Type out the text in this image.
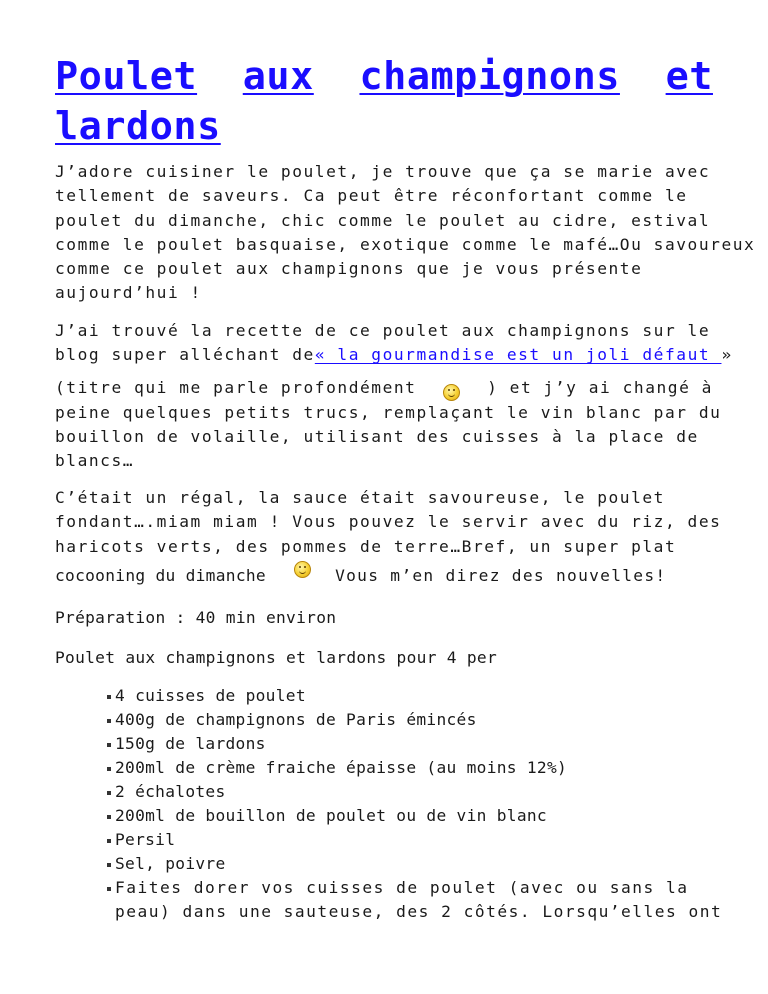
Poulet aux champignons et
lardons
J’adore cuisiner le poulet, je trouve que ça se marie avec
tellement de saveurs. Ca peut être réconfortant comme le
poulet du dimanche, chic comme le poulet au cidre, estival
comme le poulet basquaise, exotique comme le mafé…Ou savoureux
comme ce poulet aux champignons que je vous présente
aujourd’hui !
J’ai trouvé la recette de ce poulet aux champignons sur le
blog super alléchant de « la gourmandise est un joli défaut »
(titre qui me parle profondément	) et j’y ai changé à
peine quelques petits trucs, remplaçant le vin blanc par du
bouillon de volaille, utilisant des cuisses à la place de
blancs…
C’était un régal, la sauce était savoureuse, le poulet
fondant….miam miam ! Vous pouvez le servir avec du riz, des
haricots verts, des pommes de terre…Bref, un super plat
cocooning du dimanche	Vous m’en direz des nouvelles!
Préparation : 40 min environ
Poulet aux champignons et lardons pour 4 per
4 cuisses de poulet
400g de champignons de Paris émincés
150g de lardons
200ml de crème fraiche épaisse (au moins 12%)
2 échalotes
200ml de bouillon de poulet ou de vin blanc
Persil
Sel, poivre
Faites dorer vos cuisses de poulet (avec ou sans la
peau) dans une sauteuse, des 2 côtés. Lorsqu’elles ont
